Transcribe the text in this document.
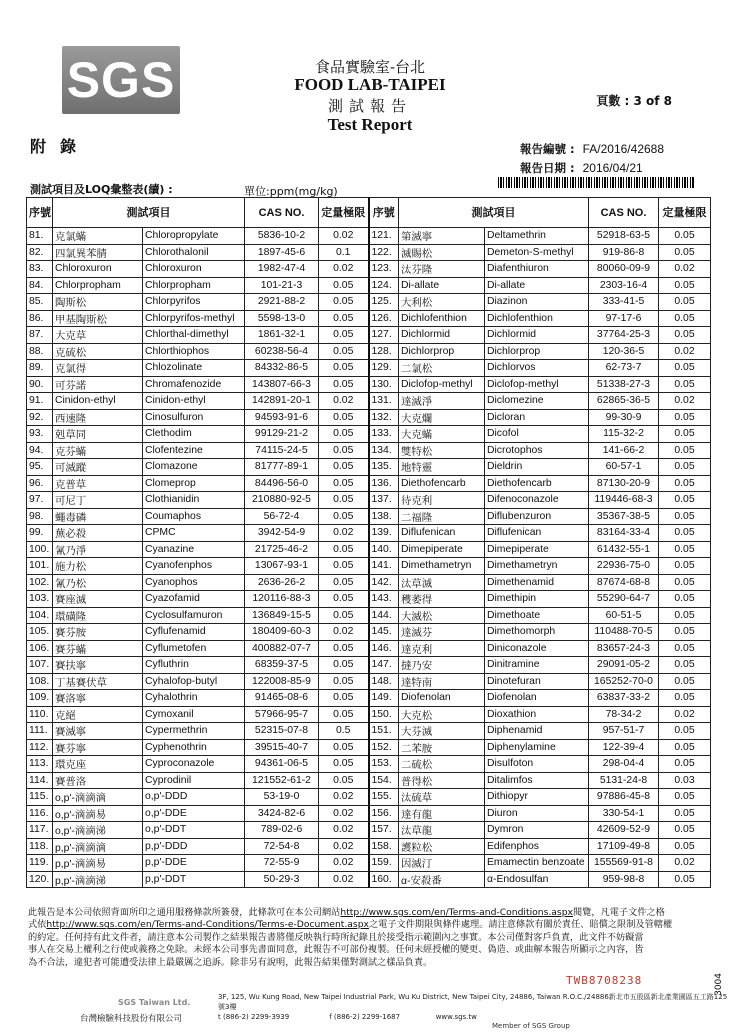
SGS	食品實驗室-台北
FOOD LAB-TAIPEI
測試報告
Test Report
頁數 : 3 of 8
附錄	報告編號 : FA/2016/42688
報告日期 : 2016/04/21
測試項目及LOQ彙整表(續) :	單位:ppm(mg/kg)
序號	測試項目		CAS NO.	定量極限	序號	測試項目		CAS NO.	定量極限
81.	克氯蟎	Chloropropylate	5836-10-2	0.02	121.	第滅寧	Deltamethrin	52918-63-5	0.05
82.	四氯異苯腈	Chlorothalonil	1897-45-6	0.1	122.	滅賜松	Demeton-S-methyl	919-86-8	0.05
83.	Chloroxuron	Chloroxuron	1982-47-4	0.02	123.	汰芬隆	Diafenthiuron	80060-09-9	0.02
84.	Chlorpropham	Chlorpropham	101-21-3	0.05	124.	Di-allate	Di-allate	2303-16-4	0.05
85.	陶斯松	Chlorpyrifos	2921-88-2	0.05	125.	大利松	Diazinon	333-41-5	0.05
86.	甲基陶斯松	Chlorpyrifos-methyl	5598-13-0	0.05	126.	Dichlofenthion	Dichlofenthion	97-17-6	0.05
87.	大克草	Chlorthal-dimethyl	1861-32-1	0.05	127.	Dichlormid	Dichlormid	37764-25-3	0.05
88.	克硫松	Chlorthiophos	60238-56-4	0.05	128.	Dichlorprop	Dichlorprop	120-36-5	0.02
89.	克氯得	Chlozolinate	84332-86-5	0.05	129.	二氯松	Dichlorvos	62-73-7	0.05
90.	可芬諾	Chromafenozide	143807-66-3	0.05	130.	Diclofop-methyl	Diclofop-methyl	51338-27-3	0.05
91.	Cinidon-ethyl	Cinidon-ethyl	142891-20-1	0.02	131.	達滅淨	Diclomezine	62865-36-5	0.02
92.	西速隆	Cinosulfuron	94593-91-6	0.05	132.	大克爛	Dicloran	99-30-9	0.05
93.	剋草同	Clethodim	99129-21-2	0.05	133.	大克蟎	Dicofol	115-32-2	0.05
94.	克芬蟎	Clofentezine	74115-24-5	0.05	134.	雙特松	Dicrotophos	141-66-2	0.05
95.	可滅蹤	Clomazone	81777-89-1	0.05	135.	地特靈	Dieldrin	60-57-1	0.05
96.	克普草	Clomeprop	84496-56-0	0.05	136.	Diethofencarb	Diethofencarb	87130-20-9	0.05
97.	可尼丁	Clothianidin	210880-92-5	0.05	137.	待克利	Difenoconazole	119446-68-3	0.05
98.	蠅毒磷	Coumaphos	56-72-4	0.05	138.	二福隆	Diflubenzuron	35367-38-5	0.05
99.	蕪必殺	CPMC	3942-54-9	0.02	139.	Diflufenican	Diflufenican	83164-33-4	0.05
100.	氰乃淨	Cyanazine	21725-46-2	0.05	140.	Dimepiperate	Dimepiperate	61432-55-1	0.05
101.	施力松	Cyanofenphos	13067-93-1	0.05	141.	Dimethametryn	Dimethametryn	22936-75-0	0.05
102.	氰乃松	Cyanophos	2636-26-2	0.05	142.	汰草滅	Dimethenamid	87674-68-8	0.05
103.	賽座滅	Cyazofamid	120116-88-3	0.05	143.	穫萎得	Dimethipin	55290-64-7	0.05
104.	環磺隆	Cyclosulfamuron	136849-15-5	0.05	144.	大滅松	Dimethoate	60-51-5	0.05
105.	賽芬胺	Cyflufenamid	180409-60-3	0.02	145.	達滅芬	Dimethomorph	110488-70-5	0.05
106.	賽芬蟎	Cyflumetofen	400882-07-7	0.05	146.	達克利	Diniconazole	83657-24-3	0.05
107.	賽扶寧	Cyfluthrin	68359-37-5	0.05	147.	撻乃安	Dinitramine	29091-05-2	0.05
108.	丁基賽伏草	Cyhalofop-butyl	122008-85-9	0.05	148.	達特南	Dinotefuran	165252-70-0	0.05
109.	賽洛寧	Cyhalothrin	91465-08-6	0.05	149.	Diofenolan	Diofenolan	63837-33-2	0.05
110.	克絕	Cymoxanil	57966-95-7	0.05	150.	大克松	Dioxathion	78-34-2	0.02
111.	賽滅寧	Cypermethrin	52315-07-8	0.5	151.	大芬滅	Diphenamid	957-51-7	0.05
112.	賽芬寧	Cyphenothrin	39515-40-7	0.05	152.	二苯胺	Diphenylamine	122-39-4	0.05
113.	環克座	Cyproconazole	94361-06-5	0.05	153.	二硫松	Disulfoton	298-04-4	0.05
114.	賽普洛	Cyprodinil	121552-61-2	0.05	154.	普得松	Ditalimfos	5131-24-8	0.03
115.	o,p'-滴滴滴	o,p'-DDD	53-19-0	0.02	155.	汰硫草	Dithiopyr	97886-45-8	0.05
116.	o,p'-滴滴易	o,p'-DDE	3424-82-6	0.02	156.	達有龍	Diuron	330-54-1	0.05
117.	o,p'-滴滴涕	o,p'-DDT	789-02-6	0.02	157.	汰草龍	Dymron	42609-52-9	0.05
118.	p,p'-滴滴滴	p,p'-DDD	72-54-8	0.02	158.	護粒松	Edifenphos	17109-49-8	0.05
119.	p,p'-滴滴易	p,p'-DDE	72-55-9	0.02	159.	因滅汀	Emamectin benzoate	155569-91-8	0.02
120.	p,p'-滴滴涕	p,p'-DDT	50-29-3	0.02	160.	α-安殺番	α-Endosulfan	959-98-8	0.05
此報告是本公司依照背面所印之通用服務條款所簽發，此條款可在本公司網站http://www.sgs.com/en/Terms-and-Conditions.aspx閱覽，凡電子文件之格
式依http://www.sgs.com/en/Terms-and-Conditions/Terms-e-Document.aspx之電子文件期限與條件處理。請注意條款有關於責任、賠償之限制及管轄權
的約定。任何持有此文件者，請注意本公司製作之結果報告書將僅反映執行時所紀錄且於接受指示範圍內之事實。本公司僅對客戶負責，此文件不妨礙當
事人在交易上權利之行使或義務之免除。未經本公司事先書面同意，此報告不可部份複製。任何未經授權的變更、偽造、或曲解本報告所顯示之內容，皆
為不合法，違犯者可能遭受法律上最嚴厲之追訴。除非另有說明，此報告結果僅對測試之樣品負責。
TWB8708238
SGS Taiwan Ltd.
台灣檢驗科技股份有限公司
3F, 125, Wu Kung Road, New Taipei Industrial Park, Wu Ku District, New Taipei City, 24886, Taiwan R.O.C./24886新北市五股區新北產業園區五工路125號3樓
t (886-2) 2299-3939	f (886-2) 2299-1687	www.sgs.tw
Member of SGS Group
3004
